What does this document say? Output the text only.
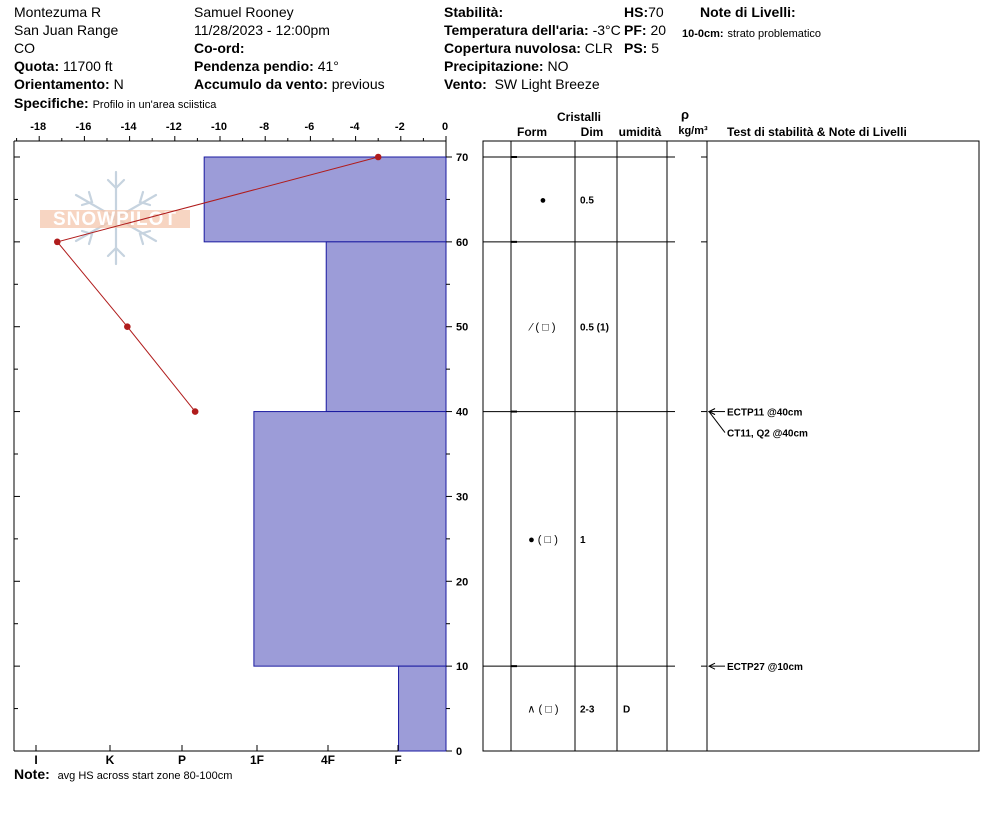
Montezuma R
San Juan Range
CO
Quota: 11700 ft
Orientamento: N
Specifiche: Profilo in un'area sciistica
Samuel Rooney
11/28/2023 - 12:00pm
Co-ord:
Pendenza pendio: 41°
Accumulo da vento: previous
Stabilità:
Temperatura dell'aria: -3°C
Copertura nuvolosa: CLR
Precipitazione: NO
Vento: SW Light Breeze
HS:70
PF: 20
PS: 5
Note di Livelli:
10-0cm: strato problematico
Note: avg HS across start zone 80-100cm
SNOWPILOT
-18	-16	-14	-12	-10	-8	-6	-4	-2	0
0
10
20
30
40
50
60
70
I	K	P	1F	4F	F
Cristalli
Form	Dim umidità
ρ
kg/m³ Test di stabilità & Note di Livelli
●	0.5
⁄ ( □ ) 0.5 (1)
● ( □ ) 1
∧ ( □ ) 2-3	D
ECTP11 @40cm
CT11, Q2 @40cm
ECTP27 @10cm
